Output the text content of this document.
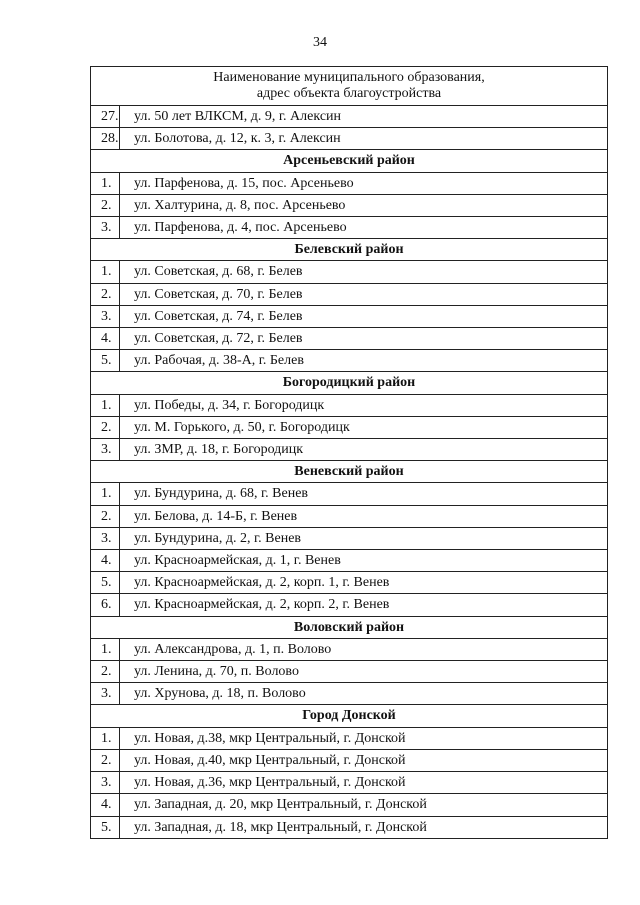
34
Наименование муниципального образования,
адрес объекта благоустройства	
27.	ул. 50 лет ВЛКСМ, д. 9, г. Алексин
28.	ул. Болотова, д. 12, к. 3, г. Алексин
Арсеньевский район	
1.	ул. Парфенова, д. 15, пос. Арсеньево
2.	ул. Халтурина, д. 8, пос. Арсеньево
3.	ул. Парфенова, д. 4, пос. Арсеньево
Белевский район	
1.	ул. Советская, д. 68, г. Белев
2.	ул. Советская, д. 70, г. Белев
3.	ул. Советская, д. 74, г. Белев
4.	ул. Советская, д. 72, г. Белев
5.	ул. Рабочая, д. 38-А, г. Белев
Богородицкий район	
1.	ул. Победы, д. 34, г. Богородицк
2.	ул. М. Горького, д. 50, г. Богородицк
3.	ул. ЗМР, д. 18, г. Богородицк
Веневский район	
1.	ул. Бундурина, д. 68, г. Венев
2.	ул. Белова, д. 14-Б, г. Венев
3.	ул. Бундурина, д. 2, г. Венев
4.	ул. Красноармейская, д. 1, г. Венев
5.	ул. Красноармейская, д. 2, корп. 1, г. Венев
6.	ул. Красноармейская, д. 2, корп. 2, г. Венев
Воловский район	
1.	ул. Александрова, д. 1, п. Волово
2.	ул. Ленина, д. 70, п. Волово
3.	ул. Хрунова, д. 18, п. Волово
Город Донской	
1.	ул. Новая, д.38, мкр Центральный, г. Донской
2.	ул. Новая, д.40, мкр Центральный, г. Донской
3.	ул. Новая, д.36, мкр Центральный, г. Донской
4.	ул. Западная, д. 20, мкр Центральный, г. Донской
5.	ул. Западная, д. 18, мкр Центральный, г. Донской
